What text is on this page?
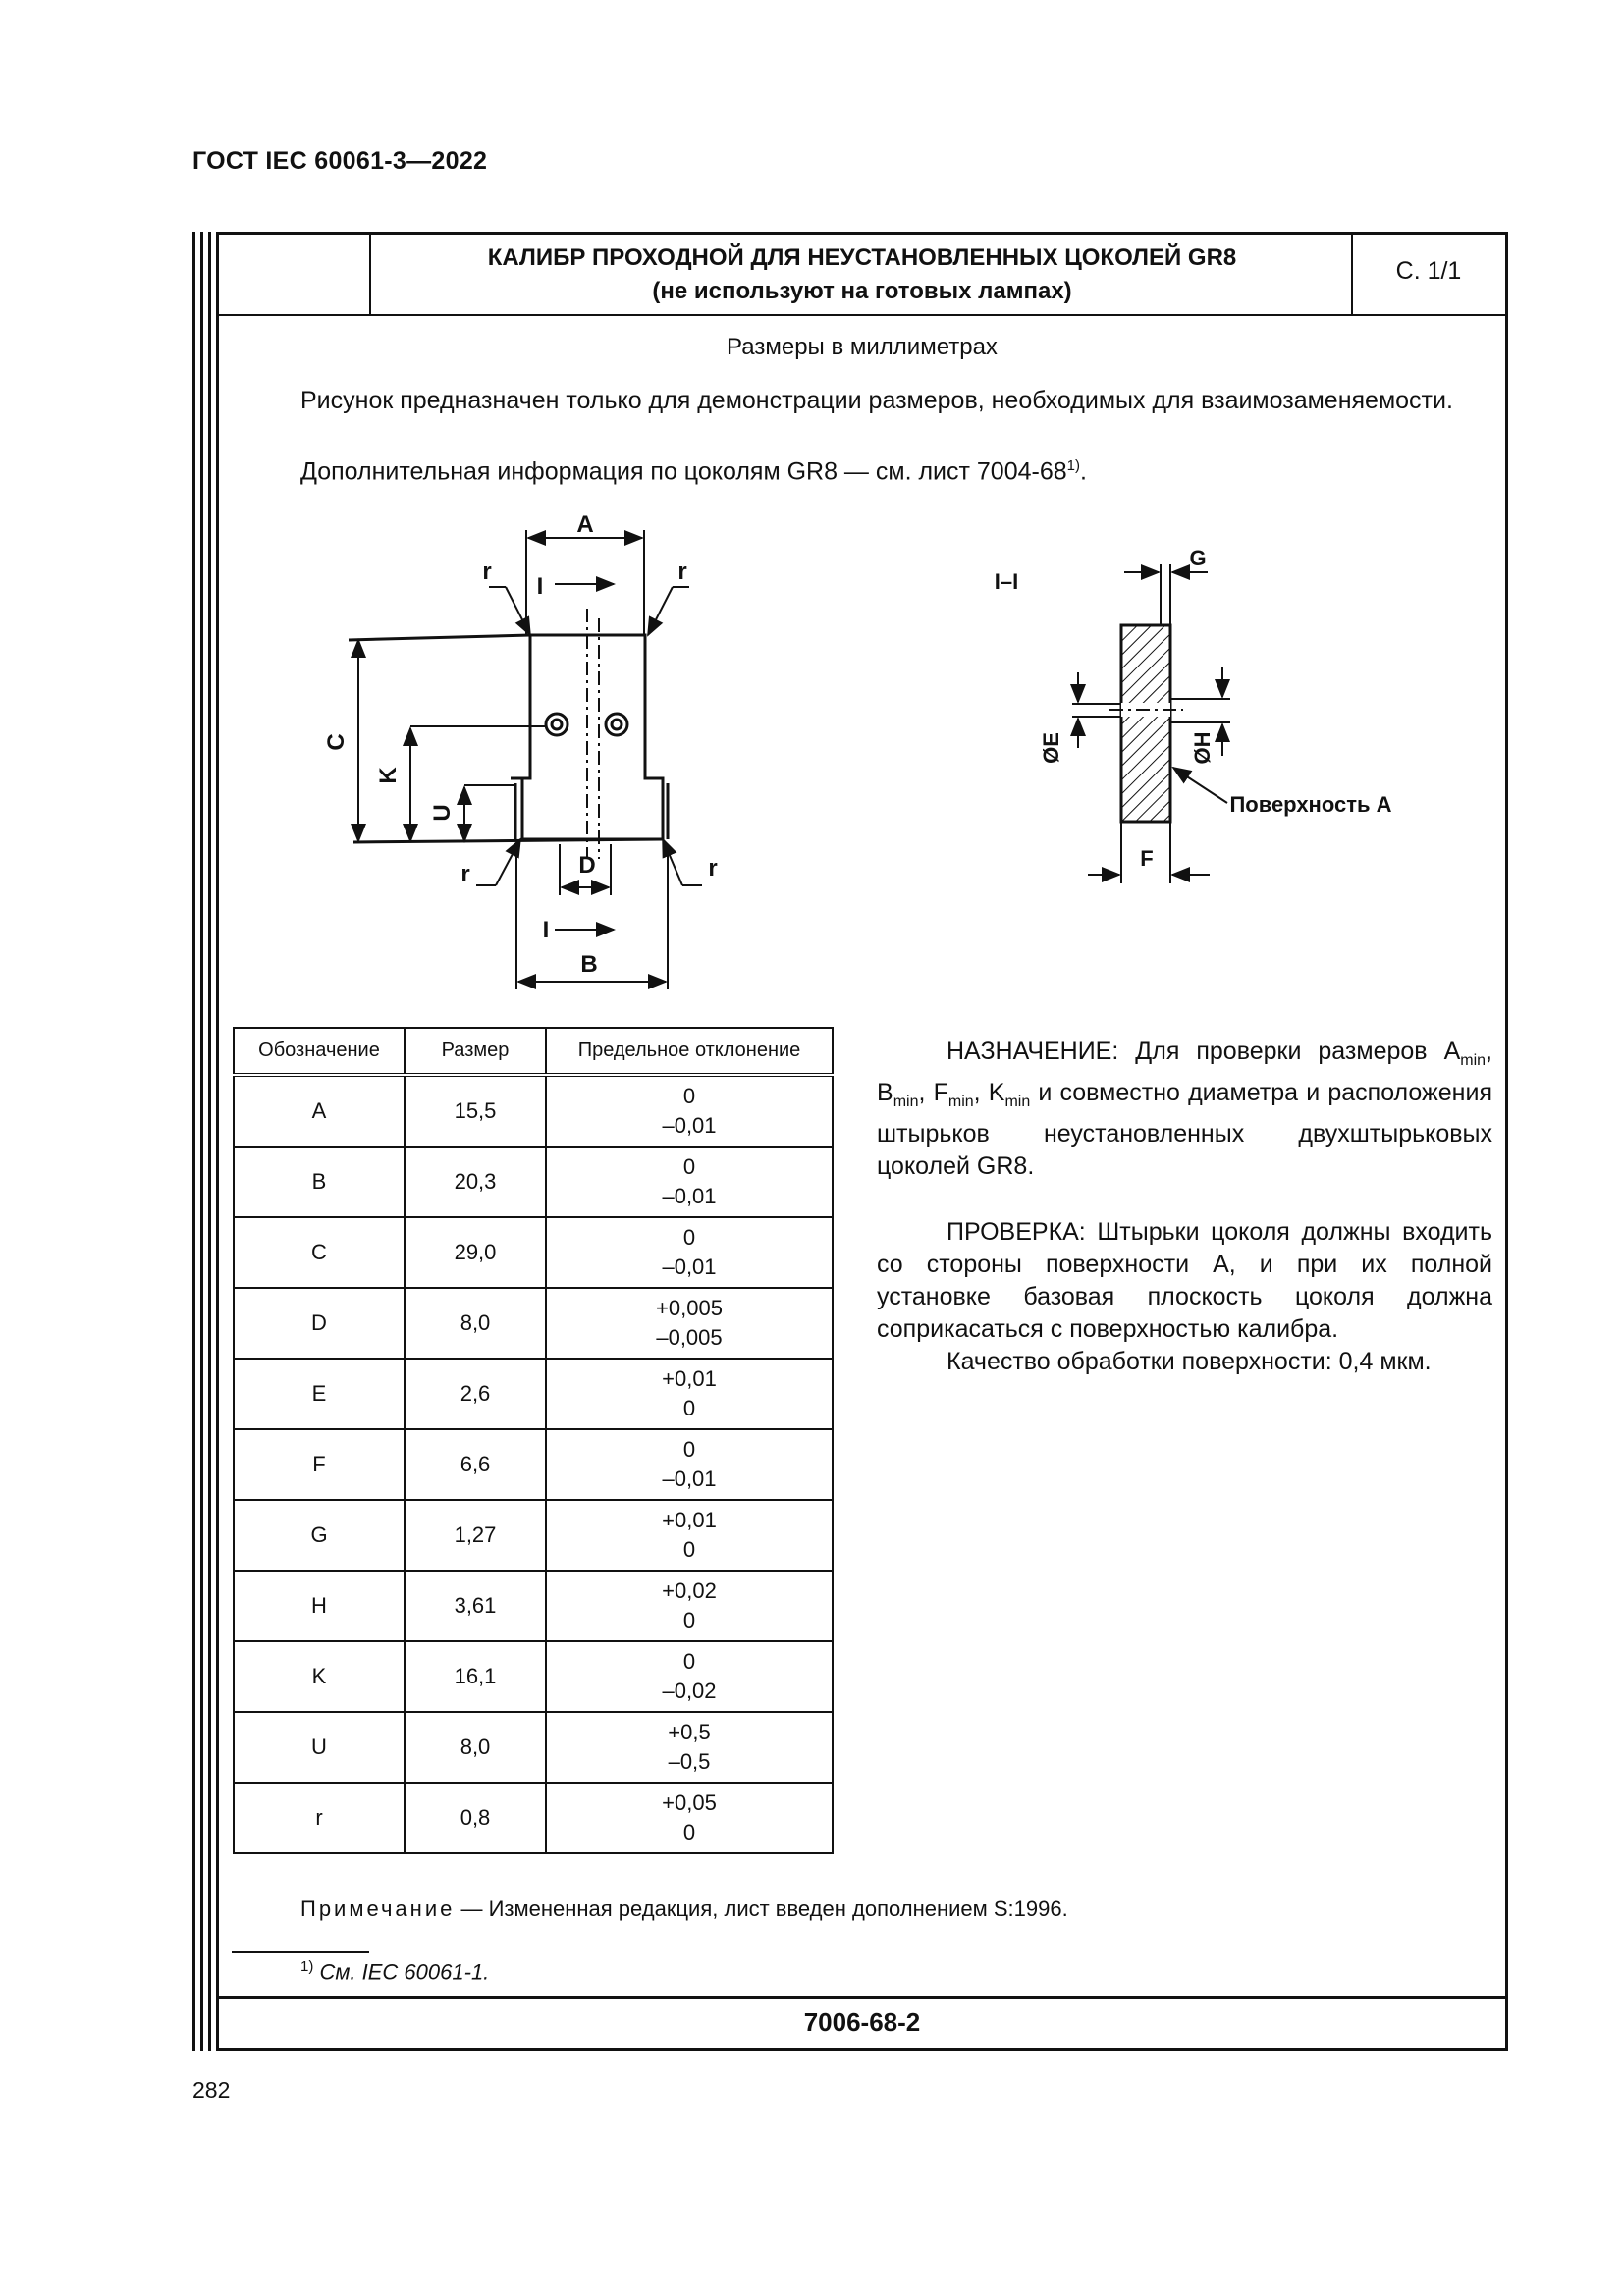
ГОСТ IEC 60061-3—2022
КАЛИБР ПРОХОДНОЙ ДЛЯ НЕУСТАНОВЛЕННЫХ ЦОКОЛЕЙ GR8
(не используют на готовых лампах)
С. 1/1
Размеры в миллиметрах
Рисунок предназначен только для демонстрации размеров, необходимых для взаимозаменяемости.
Дополнительная информация по цоколям GR8 — см. лист 7004-68$^{1)}$.
A
C
K
U
D
B
r	r
r	r
I
I
I–I
G
ØE	ØH
F
Поверхность A
Обозначение	Размер	Предельное отклонение
A	15,5	0
–0,01

B	20,3	0
–0,01

C	29,0	0
–0,01

D	8,0	+0,005
–0,005

E	2,6	+0,01
0

F	6,6	0
–0,01

G	1,27	+0,01
0

H	3,61	+0,02
0

K	16,1	0
–0,02

U	8,0	+0,5
–0,5

r	0,8	+0,05
0

НАЗНАЧЕНИЕ: Для проверки размеров $A_{min}$, $B_{min}$, $F_{min}$, $K_{min}$ и совместно диаметра и расположения штырьков неустановленных двухштырьковых цоколей GR8.

ПРОВЕРКА: Штырьки цоколя должны входить со стороны поверхности А, и при их полной установке базовая плоскость цоколя должна соприкасаться с поверхностью калибра.

Качество обработки поверхности: 0,4 мкм.

Примечание — Измененная редакция, лист введен дополнением S:1996.
$^{1)}$ См. IEC 60061-1.
7006-68-2
282
